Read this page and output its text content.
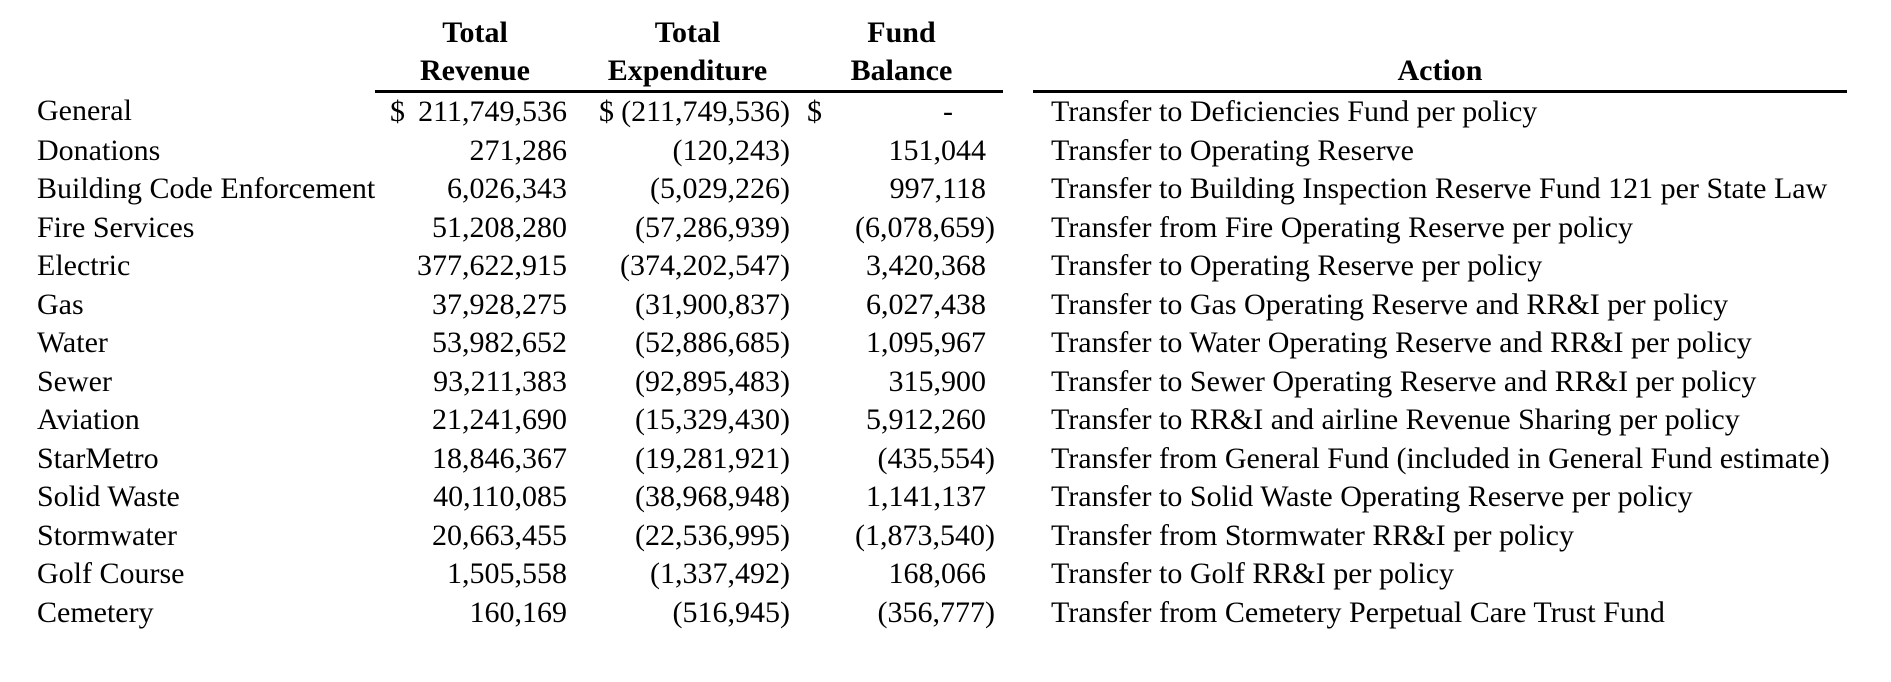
	Total	Total	Fund		
	Revenue	Expenditure	Balance		Action
General	$ 211,749,536	$ (211,749,536)	$ -		Transfer to Deficiencies Fund per policy
Donations	271,286	(120,243)	151,044		Transfer to Operating Reserve
Building Code Enforcement	6,026,343	(5,029,226)	997,118		Transfer to Building Inspection Reserve Fund 121 per State Law
Fire Services	51,208,280	(57,286,939)	(6,078,659)		Transfer from Fire Operating Reserve per policy
Electric	377,622,915	(374,202,547)	3,420,368		Transfer to Operating Reserve per policy
Gas	37,928,275	(31,900,837)	6,027,438		Transfer to Gas Operating Reserve and RR&I per policy
Water	53,982,652	(52,886,685)	1,095,967		Transfer to Water Operating Reserve and RR&I per policy
Sewer	93,211,383	(92,895,483)	315,900		Transfer to Sewer Operating Reserve and RR&I per policy
Aviation	21,241,690	(15,329,430)	5,912,260		Transfer to RR&I and airline Revenue Sharing per policy
StarMetro	18,846,367	(19,281,921)	(435,554)		Transfer from General Fund (included in General Fund estimate)
Solid Waste	40,110,085	(38,968,948)	1,141,137		Transfer to Solid Waste Operating Reserve per policy
Stormwater	20,663,455	(22,536,995)	(1,873,540)		Transfer from Stormwater RR&I per policy
Golf Course	1,505,558	(1,337,492)	168,066		Transfer to Golf RR&I per policy
Cemetery	160,169	(516,945)	(356,777)		Transfer from Cemetery Perpetual Care Trust Fund
